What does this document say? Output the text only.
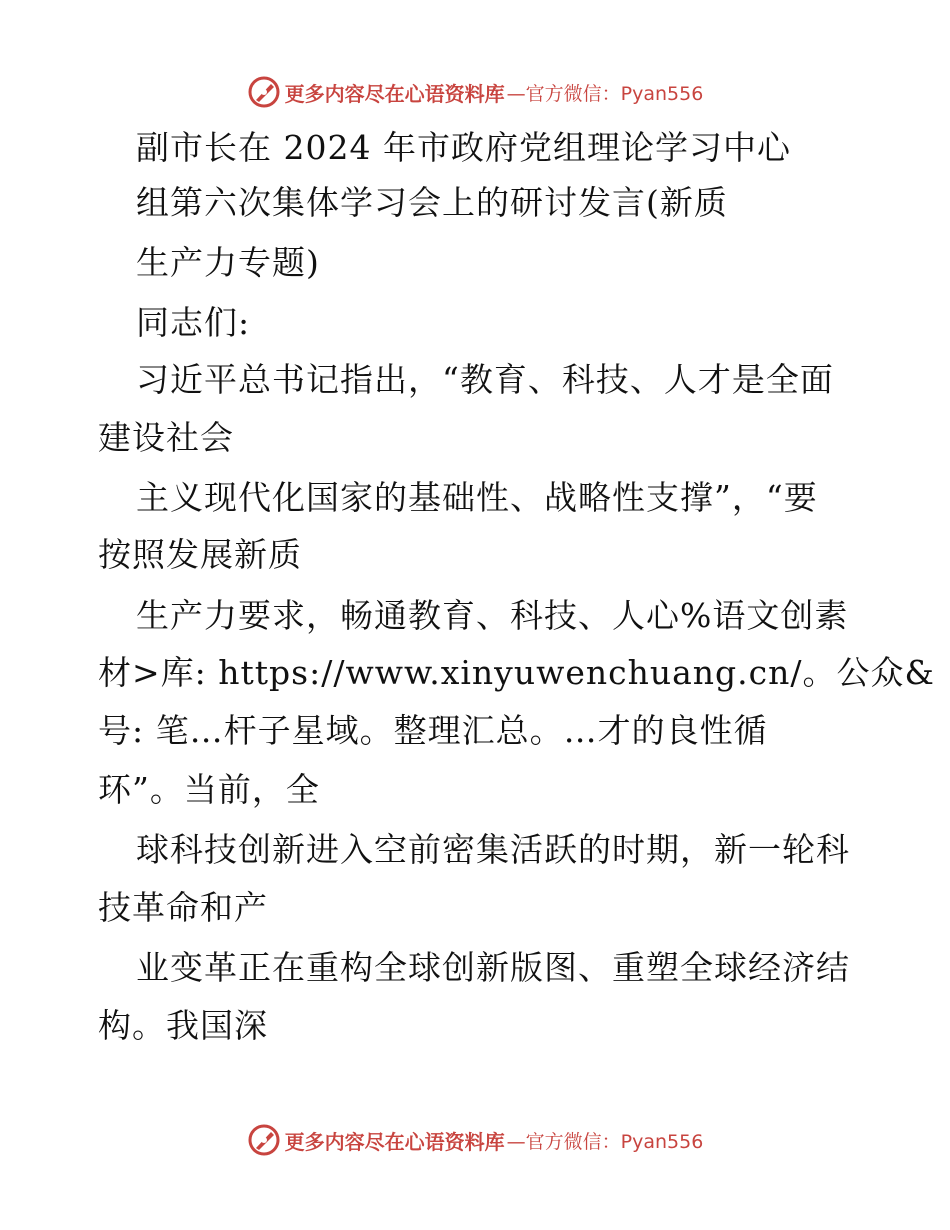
更多内容尽在心语资料库 —官方微信：Pyan556
副市长在 2024 年市政府党组理论学习中心
组第六次集体学习会上的研讨发言(新质
生产力专题)
同志们:
习近平总书记指出，“教育、科技、人才是全面
建设社会
主义现代化国家的基础性、战略性支撑”，“要
按照发展新质
生产力要求，畅通教育、科技、人心%语文创素
材>库: https://www.xinyuwenchuang.cn/。公众&
号: 笔…杆子星域。整理汇总。…才的良性循
环”。当前，全
球科技创新进入空前密集活跃的时期，新一轮科
技革命和产
业变革正在重构全球创新版图、重塑全球经济结
构。我国深
更多内容尽在心语资料库 —官方微信：Pyan556
